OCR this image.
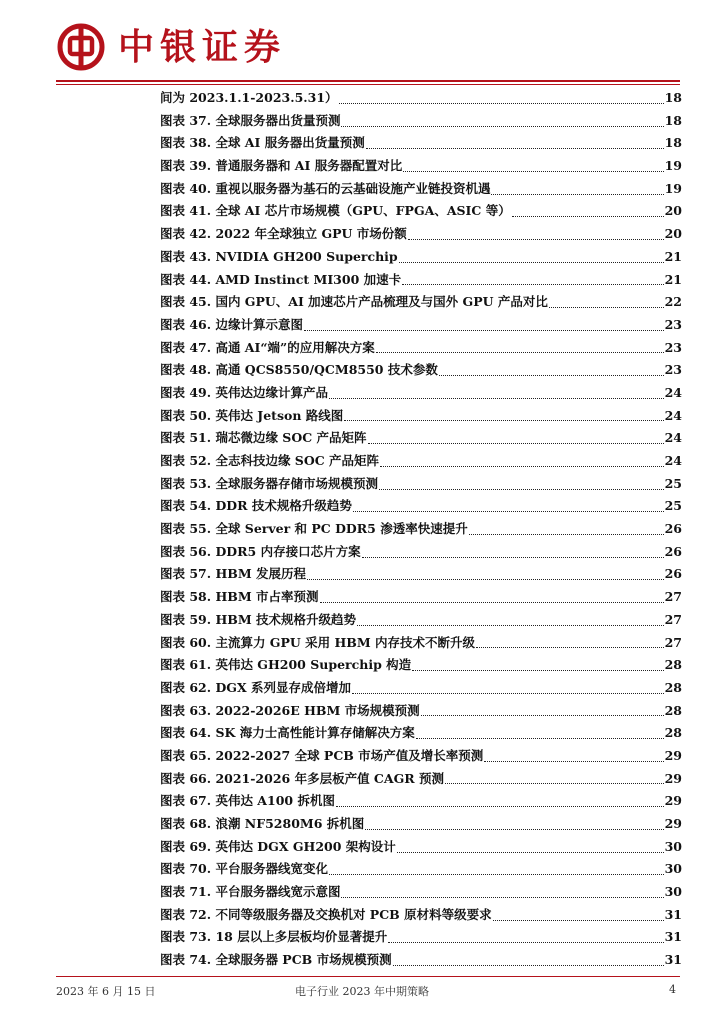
中银证券
间为 2023.1.1-2023.5.31）	18
图表 37. 全球服务器出货量预测	18
图表 38. 全球 AI 服务器出货量预测	18
图表 39. 普通服务器和 AI 服务器配置对比	19
图表 40. 重视以服务器为基石的云基础设施产业链投资机遇	19
图表 41. 全球 AI 芯片市场规模（GPU、FPGA、ASIC 等）	20
图表 42. 2022 年全球独立 GPU 市场份额	20
图表 43. NVIDIA GH200 Superchip	21
图表 44. AMD Instinct MI300 加速卡	21
图表 45. 国内 GPU、AI 加速芯片产品梳理及与国外 GPU 产品对比	22
图表 46. 边缘计算示意图	23
图表 47. 高通 AI“端”的应用解决方案	23
图表 48. 高通 QCS8550/QCM8550 技术参数	23
图表 49. 英伟达边缘计算产品	24
图表 50. 英伟达 Jetson 路线图	24
图表 51. 瑞芯微边缘 SOC 产品矩阵	24
图表 52. 全志科技边缘 SOC 产品矩阵	24
图表 53. 全球服务器存储市场规模预测	25
图表 54. DDR 技术规格升级趋势	25
图表 55. 全球 Server 和 PC DDR5 渗透率快速提升	26
图表 56. DDR5 内存接口芯片方案	26
图表 57. HBM 发展历程	26
图表 58. HBM 市占率预测	27
图表 59. HBM 技术规格升级趋势	27
图表 60. 主流算力 GPU 采用 HBM 内存技术不断升级	27
图表 61. 英伟达 GH200 Superchip 构造	28
图表 62. DGX 系列显存成倍增加	28
图表 63. 2022-2026E HBM 市场规模预测	28
图表 64. SK 海力士高性能计算存储解决方案	28
图表 65. 2022-2027 全球 PCB 市场产值及增长率预测	29
图表 66. 2021-2026 年多层板产值 CAGR 预测	29
图表 67. 英伟达 A100 拆机图	29
图表 68. 浪潮 NF5280M6 拆机图	29
图表 69. 英伟达 DGX GH200 架构设计	30
图表 70. 平台服务器线宽变化	30
图表 71. 平台服务器线宽示意图	30
图表 72. 不同等级服务器及交换机对 PCB 原材料等级要求	31
图表 73. 18 层以上多层板均价显著提升	31
图表 74. 全球服务器 PCB 市场规模预测	31
2023 年 6 月 15 日	电子行业 2023 年中期策略	4
